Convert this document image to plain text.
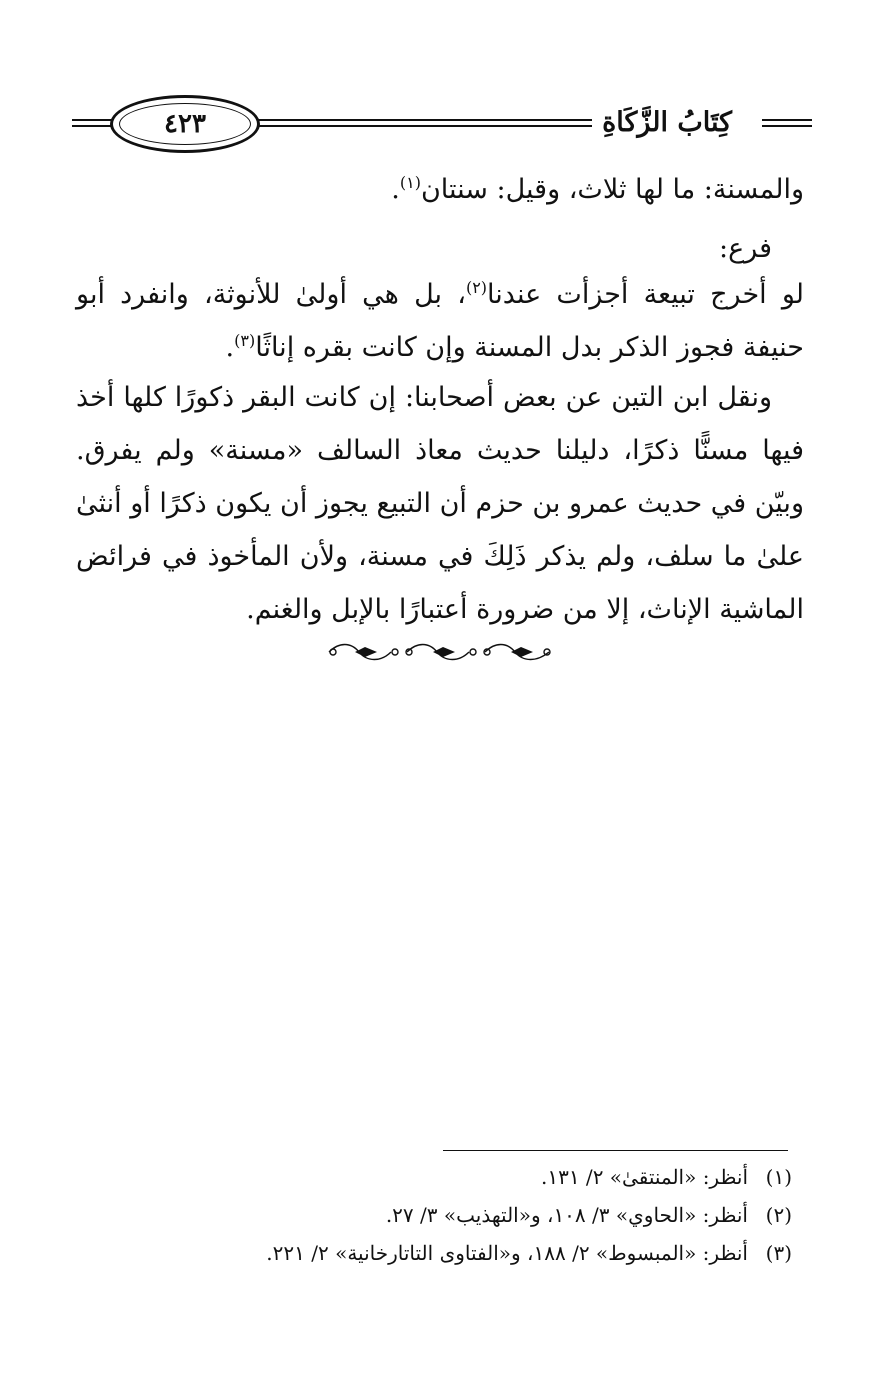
٤٢٣	كِتَابُ الزَّكَاةِ

والمسنة: ما لها ثلاث، وقيل: سنتان$^{(١)}$.

فرع:

لو أخرج تبيعة أجزأت عندنا$^{(٢)}$، بل هي أولىٰ للأنوثة، وانفرد أبو حنيفة فجوز الذكر بدل المسنة وإن كانت بقره إناثًا$^{(٣)}$.

ونقل ابن التين عن بعض أصحابنا: إن كانت البقر ذكورًا كلها أخذ فيها مسنًّا ذكرًا، دليلنا حديث معاذ السالف «مسنة» ولم يفرق. وبيّن في حديث عمرو بن حزم أن التبيع يجوز أن يكون ذكرًا أو أنثىٰ علىٰ ما سلف، ولم يذكر ذَلِكَ في مسنة، ولأن المأخوذ في فرائض الماشية الإناث، إلا من ضرورة أعتبارًا بالإبل والغنم.

(١)أنظر: «المنتقىٰ» ٢/ ١٣١.
(٢)أنظر: «الحاوي» ٣/ ١٠٨، و«التهذيب» ٣/ ٢٧.
(٣)أنظر: «المبسوط» ٢/ ١٨٨، و«الفتاوى التاتارخانية» ٢/ ٢٢١.
